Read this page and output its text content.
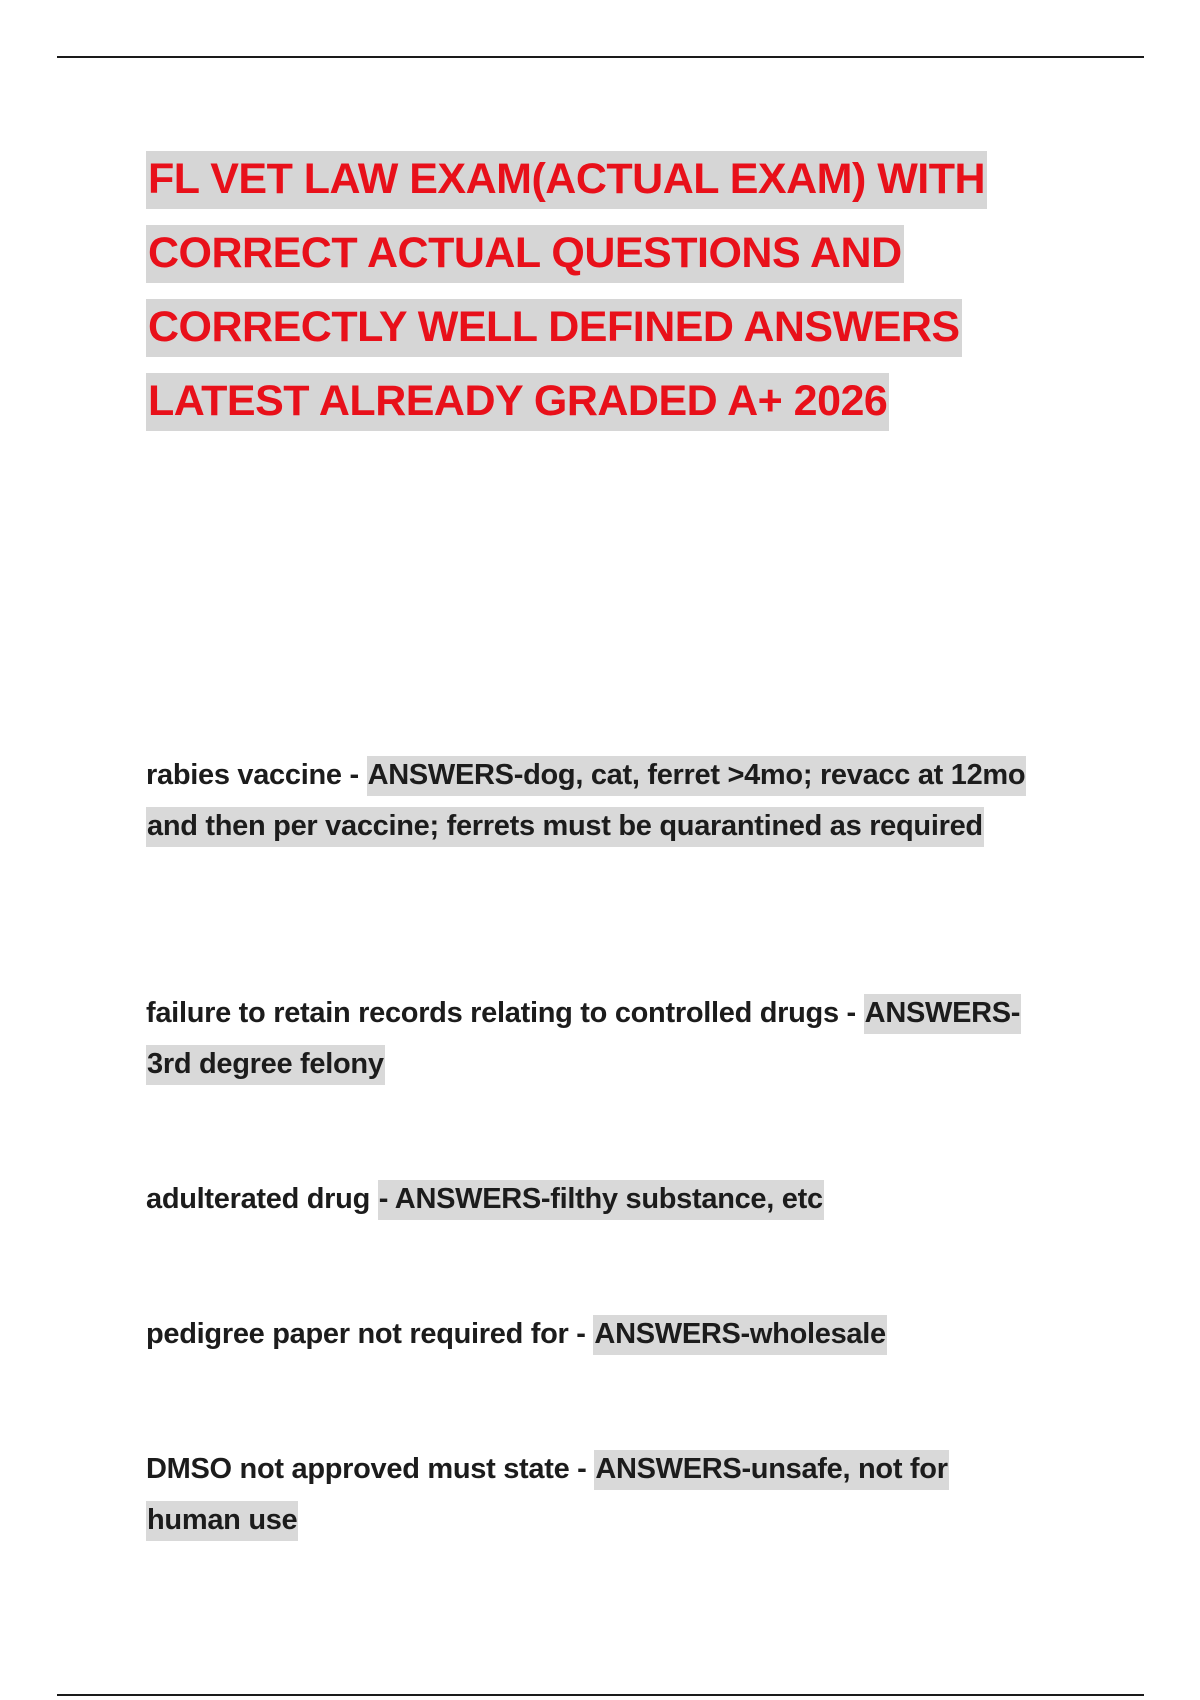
FL VET LAW EXAM(ACTUAL EXAM) WITH CORRECT ACTUAL QUESTIONS AND CORRECTLY WELL DEFINED ANSWERS LATEST ALREADY GRADED A+ 2026

rabies vaccine - ANSWERS-dog, cat, ferret >4mo; revacc at 12mo and then per vaccine; ferrets must be quarantined as required

failure to retain records relating to controlled drugs - ANSWERS-3rd degree felony

adulterated drug - ANSWERS-filthy substance, etc

pedigree paper not required for - ANSWERS-wholesale

DMSO not approved must state - ANSWERS-unsafe, not for human use
